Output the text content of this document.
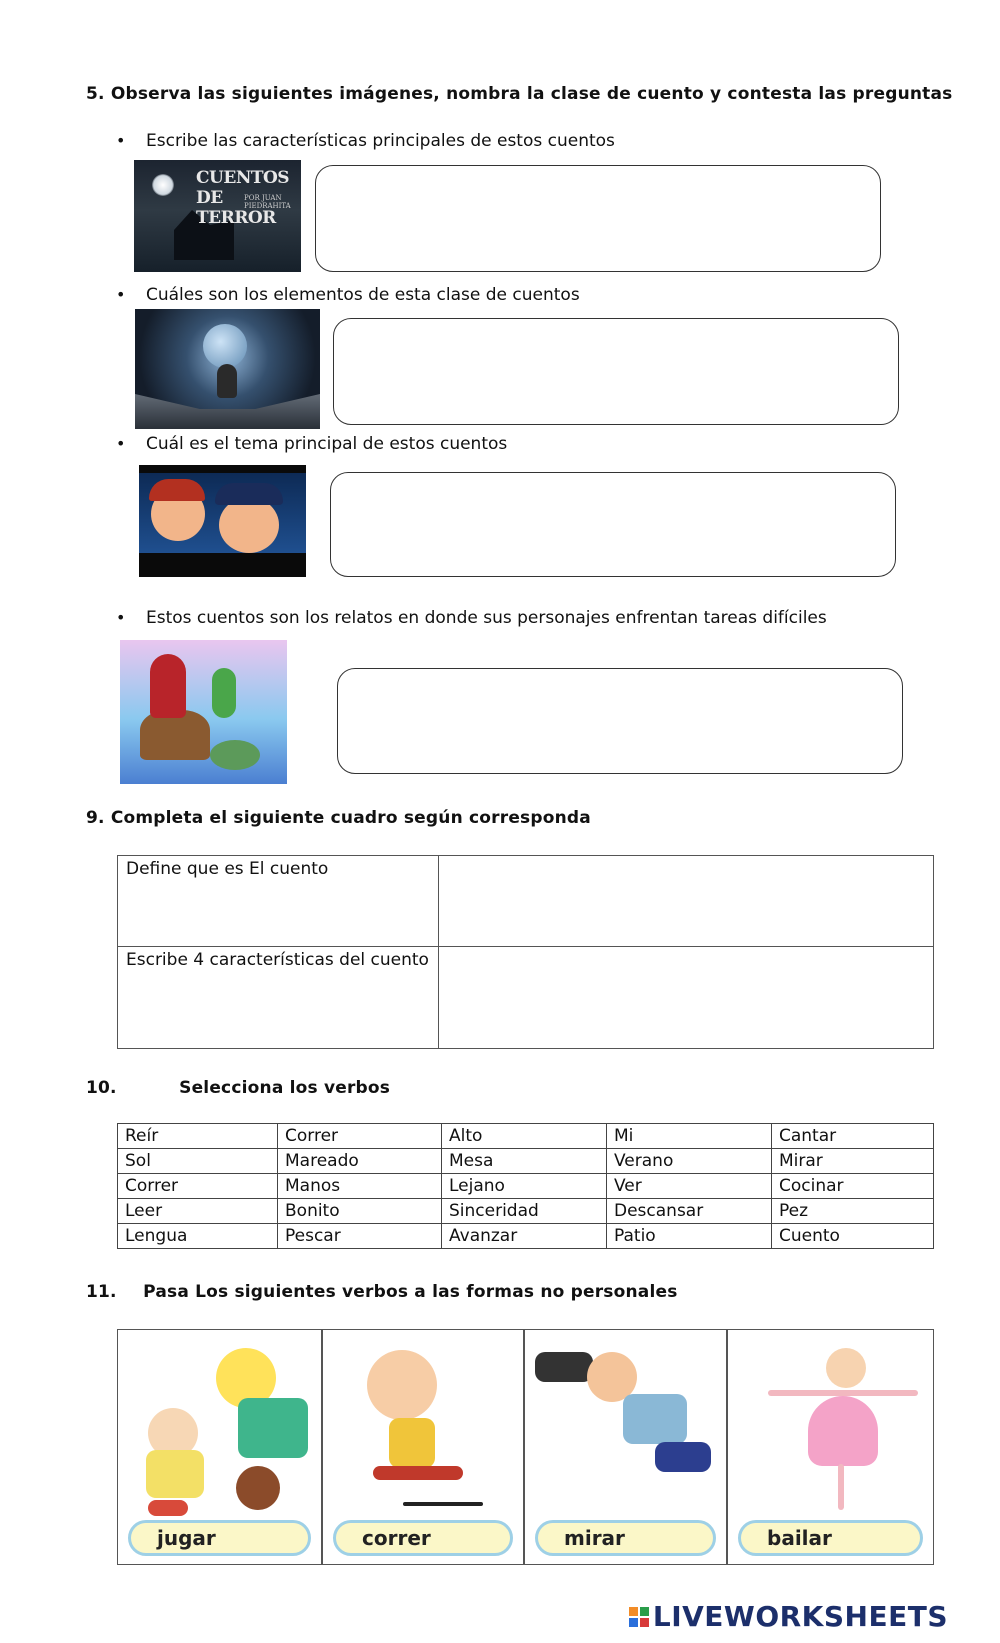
5. Observa las siguientes imágenes, nombra la clase de cuento y contesta las preguntas
• Escribe las características principales de estos cuentos
CUENTOS DE TERROR
POR JUAN PIEDRAHITA
• Cuáles son los elementos de esta clase de cuentos
• Cuál es el tema principal de estos cuentos
• Estos cuentos son los relatos en donde sus personajes enfrentan tareas difíciles
9. Completa el siguiente cuadro según corresponda
Define que es El cuento	
Escribe 4 características del cuento	
10.	Selecciona los verbos
Reír	Correr	Alto	Mi	Cantar
Sol	Mareado	Mesa	Verano	Mirar
Correr	Manos	Lejano	Ver	Cocinar
Leer	Bonito	Sinceridad	Descansar	Pez
Lengua	Pescar	Avanzar	Patio	Cuento
11. Pasa Los siguientes verbos a las formas no personales
jugar	correr	mirar	bailar
LIVEWORKSHEETS
